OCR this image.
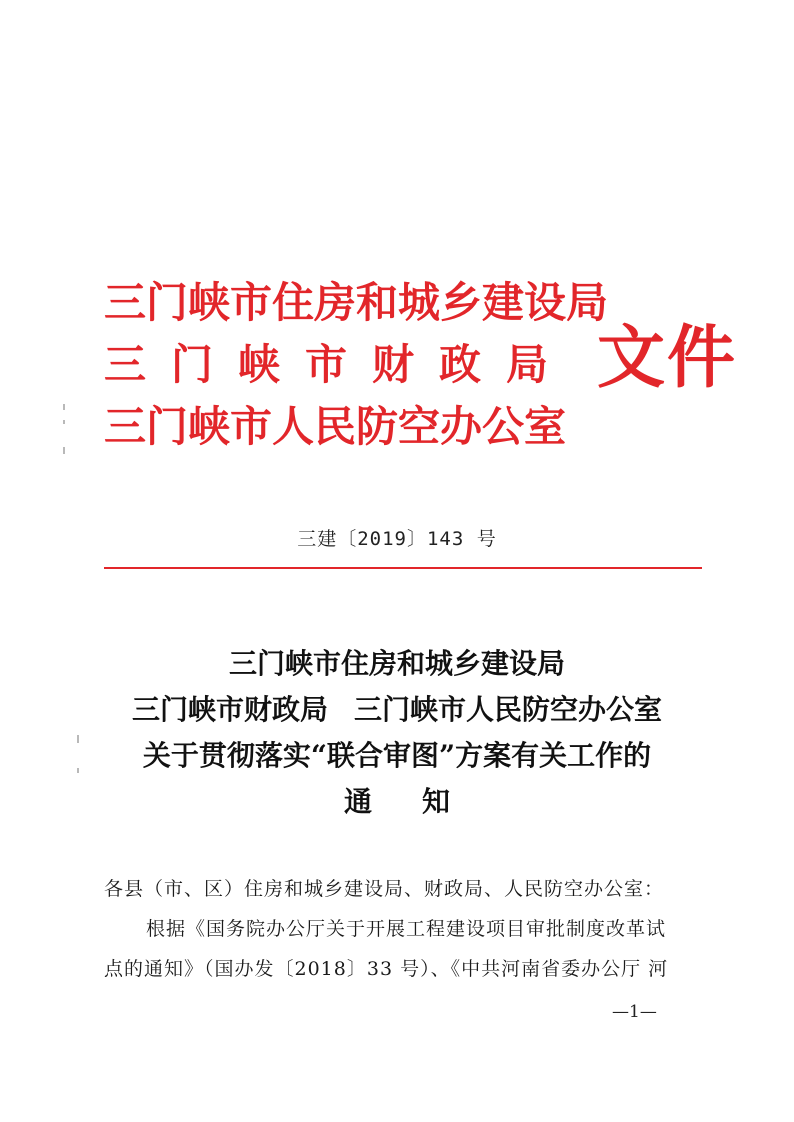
三门峡市住房和城乡建设局
三门峡市财政局
三门峡市人民防空办公室
文件
三建〔2019〕143 号
三门峡市住房和城乡建设局
三门峡市财政局 三门峡市人民防空办公室
关于贯彻落实“联合审图”方案有关工作的
通知
各县（市、区）住房和城乡建设局、财政局、人民防空办公室：
根据《国务院办公厅关于开展工程建设项目审批制度改革试
点的通知》（国办发〔2018〕33 号）、《中共河南省委办公厅 河
—1—
